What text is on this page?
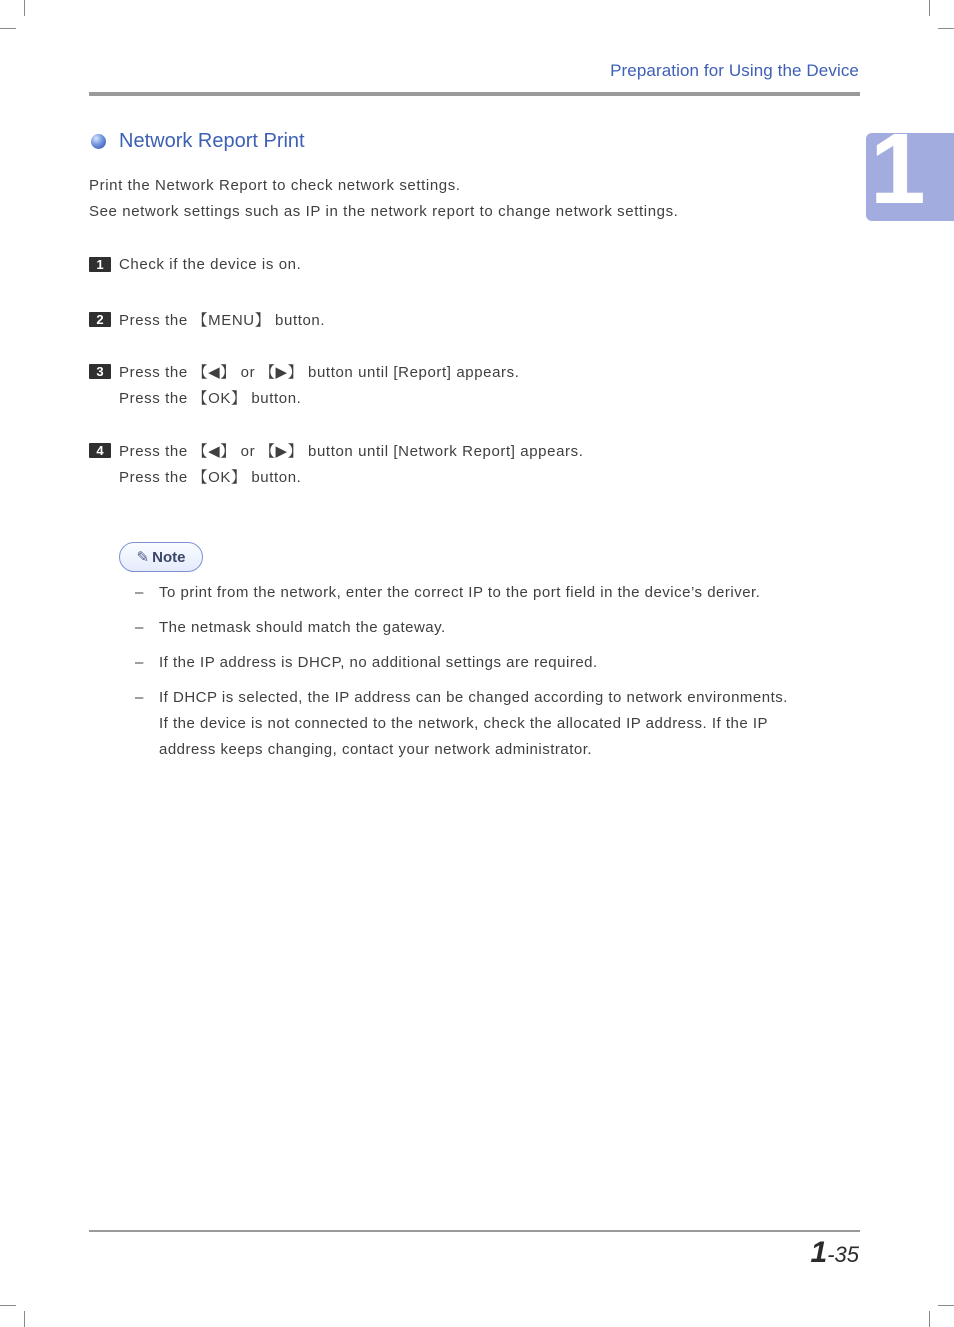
Preparation for Using the Device
1
Network Report Print
Print the Network Report to check network settings.
See network settings such as IP in the network report to change network settings.
1	Check if the device is on.
2	Press the 【MENU】 button.
3	Press the 【◀】 or 【▶】 button until [Report] appears.
Press the 【OK】 button.
4	Press the 【◀】 or 【▶】 button until [Network Report] appears.
Press the 【OK】 button.
✎ Note
– To print from the network, enter the correct IP to the port field in the device’s deriver.
– The netmask should match the gateway.
– If the IP address is DHCP, no additional settings are required.
– If DHCP is selected, the IP address can be changed according to network environments.
If the device is not connected to the network, check the allocated IP address. If the IP
address keeps changing, contact your network administrator.
1-35
